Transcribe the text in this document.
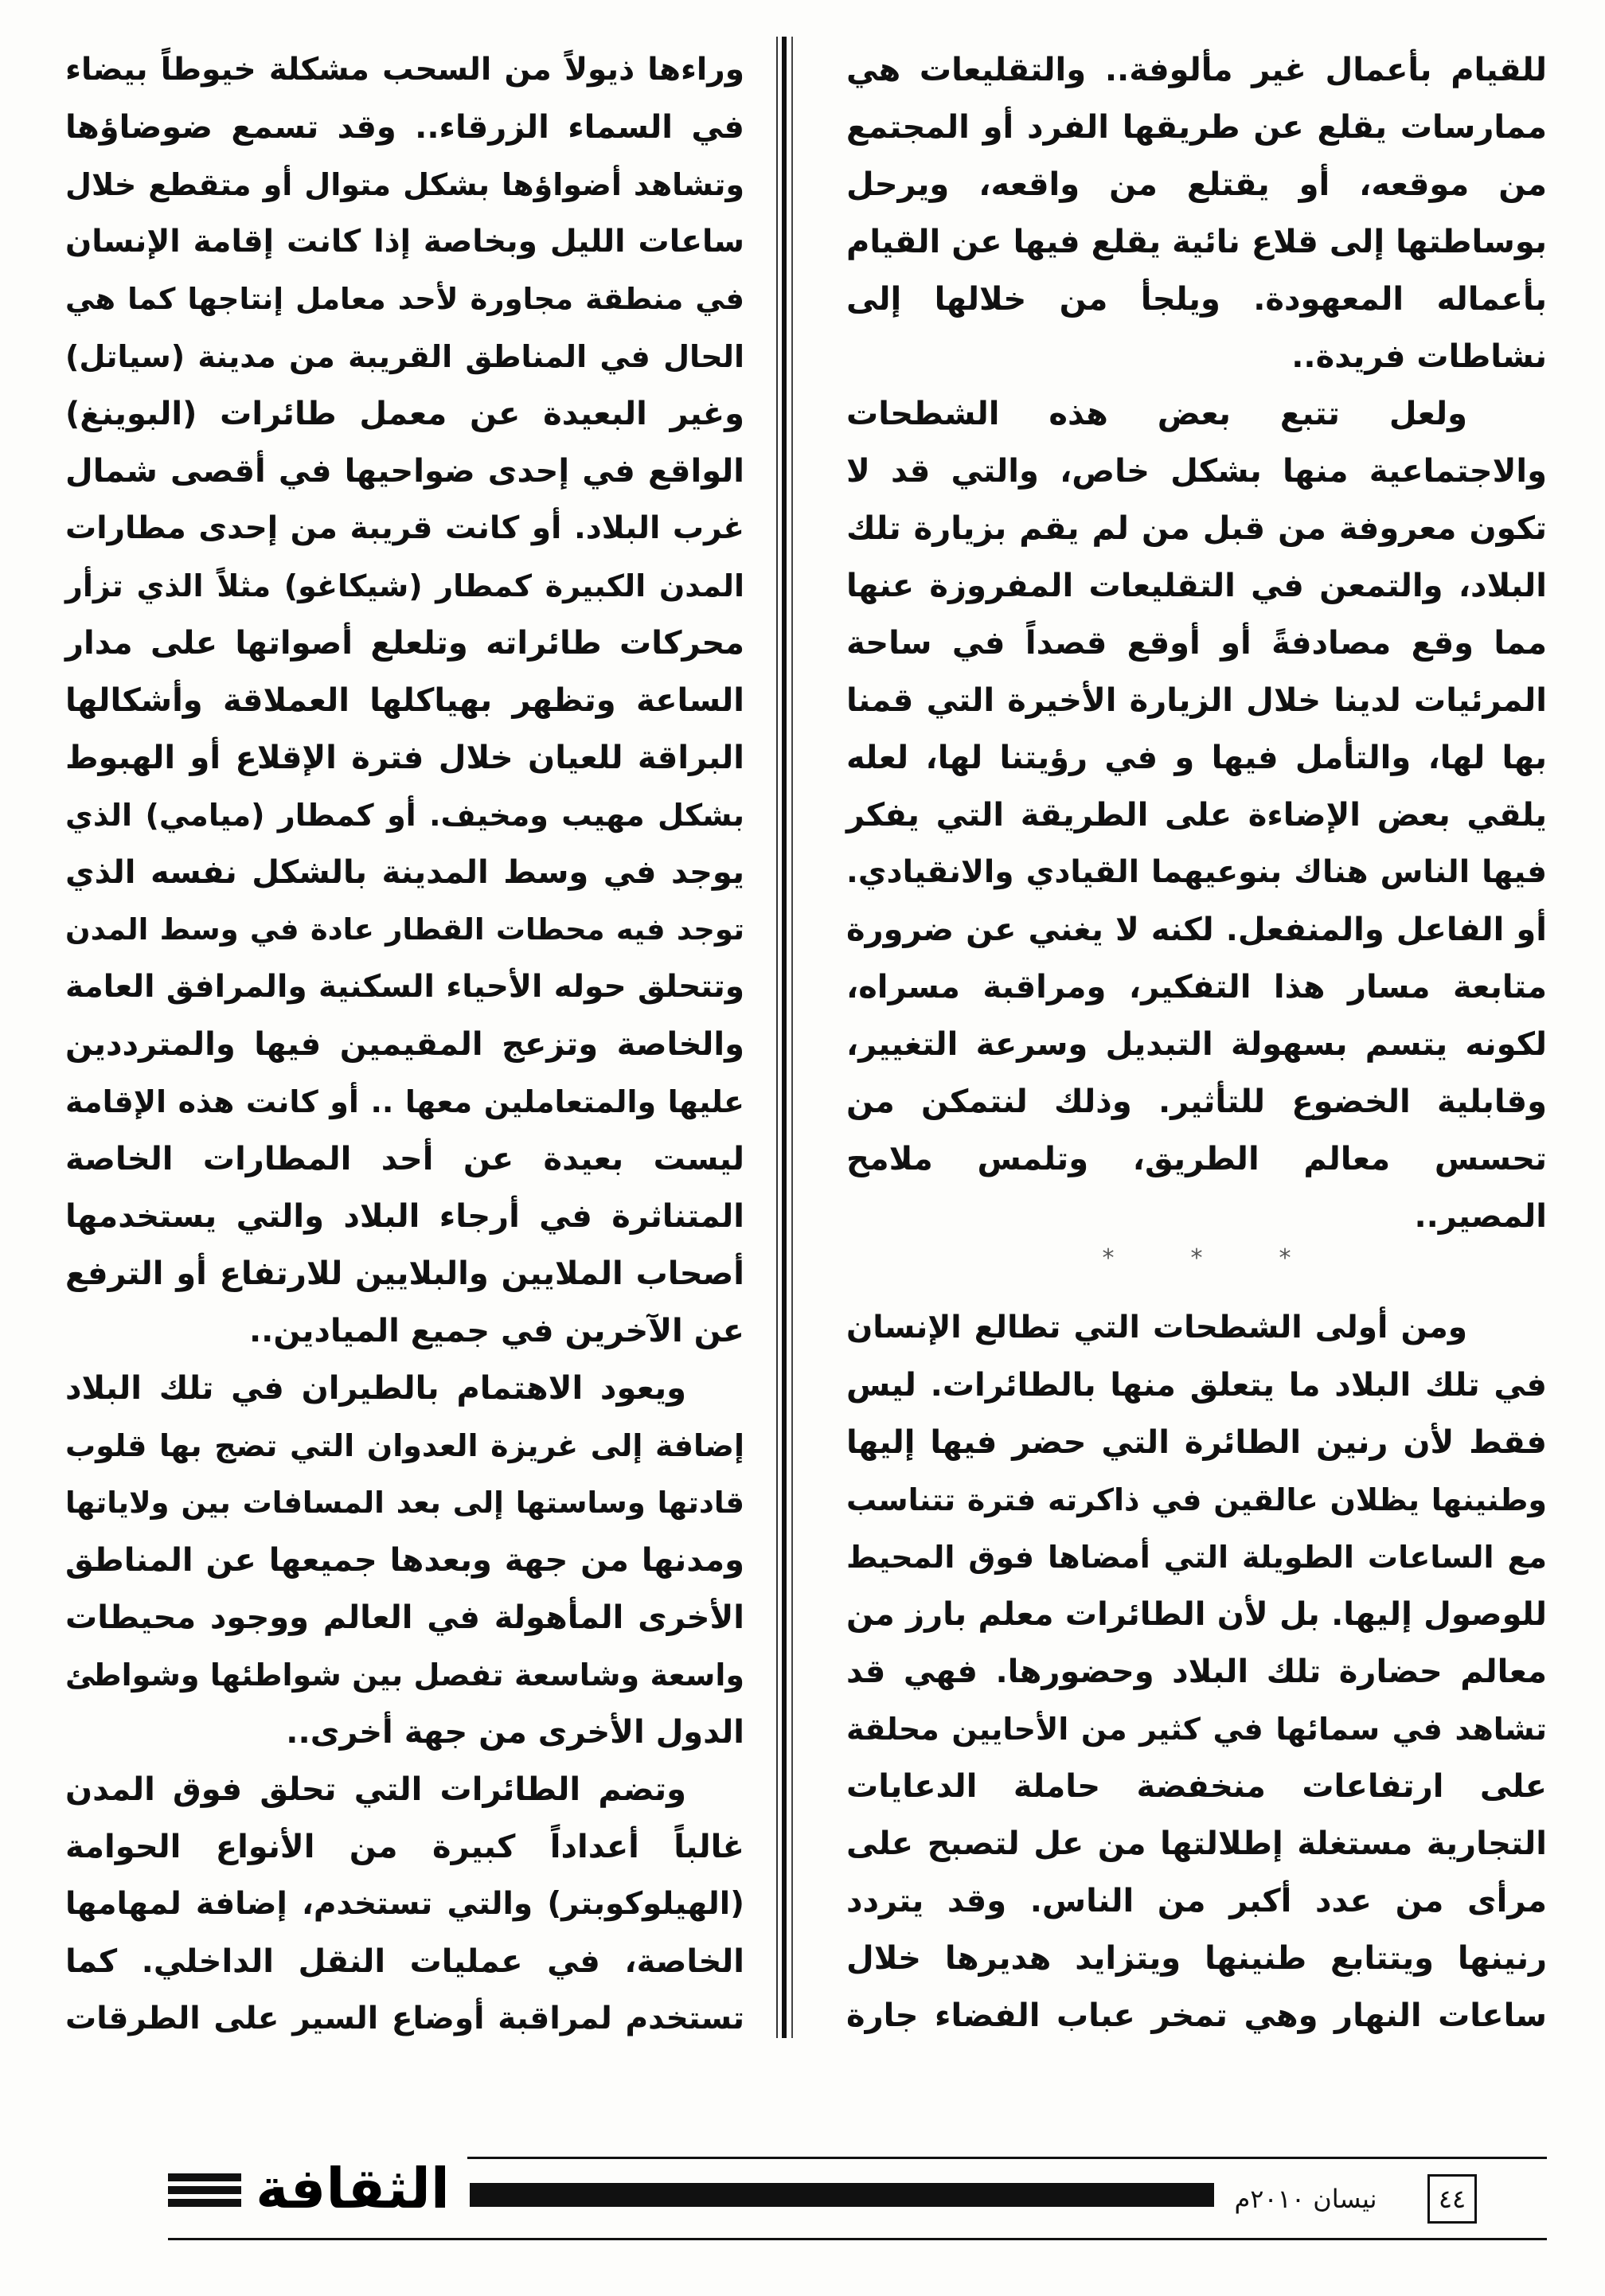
للقيام بأعمال غير مألوفة.. والتقليعات هي
ممارسات يقلع عن طريقها الفرد أو المجتمع
من موقعه، أو يقتلع من واقعه، ويرحل
بوساطتها إلى قلاع نائية يقلع فيها عن القيام
بأعماله المعهودة. ويلجأ من خلالها إلى
نشاطات فريدة..
ولعل تتبع بعض هذه الشطحات
والاجتماعية منها بشكل خاص، والتي قد لا
تكون معروفة من قبل من لم يقم بزيارة تلك
البلاد، والتمعن في التقليعات المفروزة عنها
مما وقع مصادفةً أو أوقع قصداً في ساحة
المرئيات لدينا خلال الزيارة الأخيرة التي قمنا
بها لها، والتأمل فيها و في رؤيتنا لها، لعله
يلقي بعض الإضاءة على الطريقة التي يفكر
فيها الناس هناك بنوعيهما القيادي والانقيادي.
أو الفاعل والمنفعل. لكنه لا يغني عن ضرورة
متابعة مسار هذا التفكير، ومراقبة مسراه،
لكونه يتسم بسهولة التبديل وسرعة التغيير،
وقابلية الخضوع للتأثير. وذلك لنتمكن من
تحسس معالم الطريق، وتلمس ملامح
المصير..
*	*	*
ومن أولى الشطحات التي تطالع الإنسان
في تلك البلاد ما يتعلق منها بالطائرات. ليس
فقط لأن رنين الطائرة التي حضر فيها إليها
وطنينها يظلان عالقين في ذاكرته فترة تتناسب
مع الساعات الطويلة التي أمضاها فوق المحيط
للوصول إليها. بل لأن الطائرات معلم بارز من
معالم حضارة تلك البلاد وحضورها. فهي قد
تشاهد في سمائها في كثير من الأحايين محلقة
على ارتفاعات منخفضة حاملة الدعايات
التجارية مستغلة إطلالتها من عل لتصبح على
مرأى من عدد أكبر من الناس. وقد يتردد
رنينها ويتتابع طنينها ويتزايد هديرها خلال
ساعات النهار وهي تمخر عباب الفضاء جارة
وراءها ذيولاً من السحب مشكلة خيوطاً بيضاء
في السماء الزرقاء.. وقد تسمع ضوضاؤها
وتشاهد أضواؤها بشكل متوال أو متقطع خلال
ساعات الليل وبخاصة إذا كانت إقامة الإنسان
في منطقة مجاورة لأحد معامل إنتاجها كما هي
الحال في المناطق القريبة من مدينة (سياتل)
وغير البعيدة عن معمل طائرات (البوينغ)
الواقع في إحدى ضواحيها في أقصى شمال
غرب البلاد. أو كانت قريبة من إحدى مطارات
المدن الكبيرة كمطار (شيكاغو) مثلاً الذي تزأر
محركات طائراته وتلعلع أصواتها على مدار
الساعة وتظهر بهياكلها العملاقة وأشكالها
البراقة للعيان خلال فترة الإقلاع أو الهبوط
بشكل مهيب ومخيف. أو كمطار (ميامي) الذي
يوجد في وسط المدينة بالشكل نفسه الذي
توجد فيه محطات القطار عادة في وسط المدن
وتتحلق حوله الأحياء السكنية والمرافق العامة
والخاصة وتزعج المقيمين فيها والمترددين
عليها والمتعاملين معها .. أو كانت هذه الإقامة
ليست بعيدة عن أحد المطارات الخاصة
المتناثرة في أرجاء البلاد والتي يستخدمها
أصحاب الملايين والبلايين للارتفاع أو الترفع
عن الآخرين في جميع الميادين..
ويعود الاهتمام بالطيران في تلك البلاد
إضافة إلى غريزة العدوان التي تضج بها قلوب
قادتها وساستها إلى بعد المسافات بين ولاياتها
ومدنها من جهة وبعدها جميعها عن المناطق
الأخرى المأهولة في العالم ووجود محيطات
واسعة وشاسعة تفصل بين شواطئها وشواطئ
الدول الأخرى من جهة أخرى..
وتضم الطائرات التي تحلق فوق المدن
غالباً أعداداً كبيرة من الأنواع الحوامة
(الهيلوكوبتر) والتي تستخدم، إضافة لمهامها
الخاصة، في عمليات النقل الداخلي. كما
تستخدم لمراقبة أوضاع السير على الطرقات
الثقافة	نيسان ٢٠١٠م	٤٤
